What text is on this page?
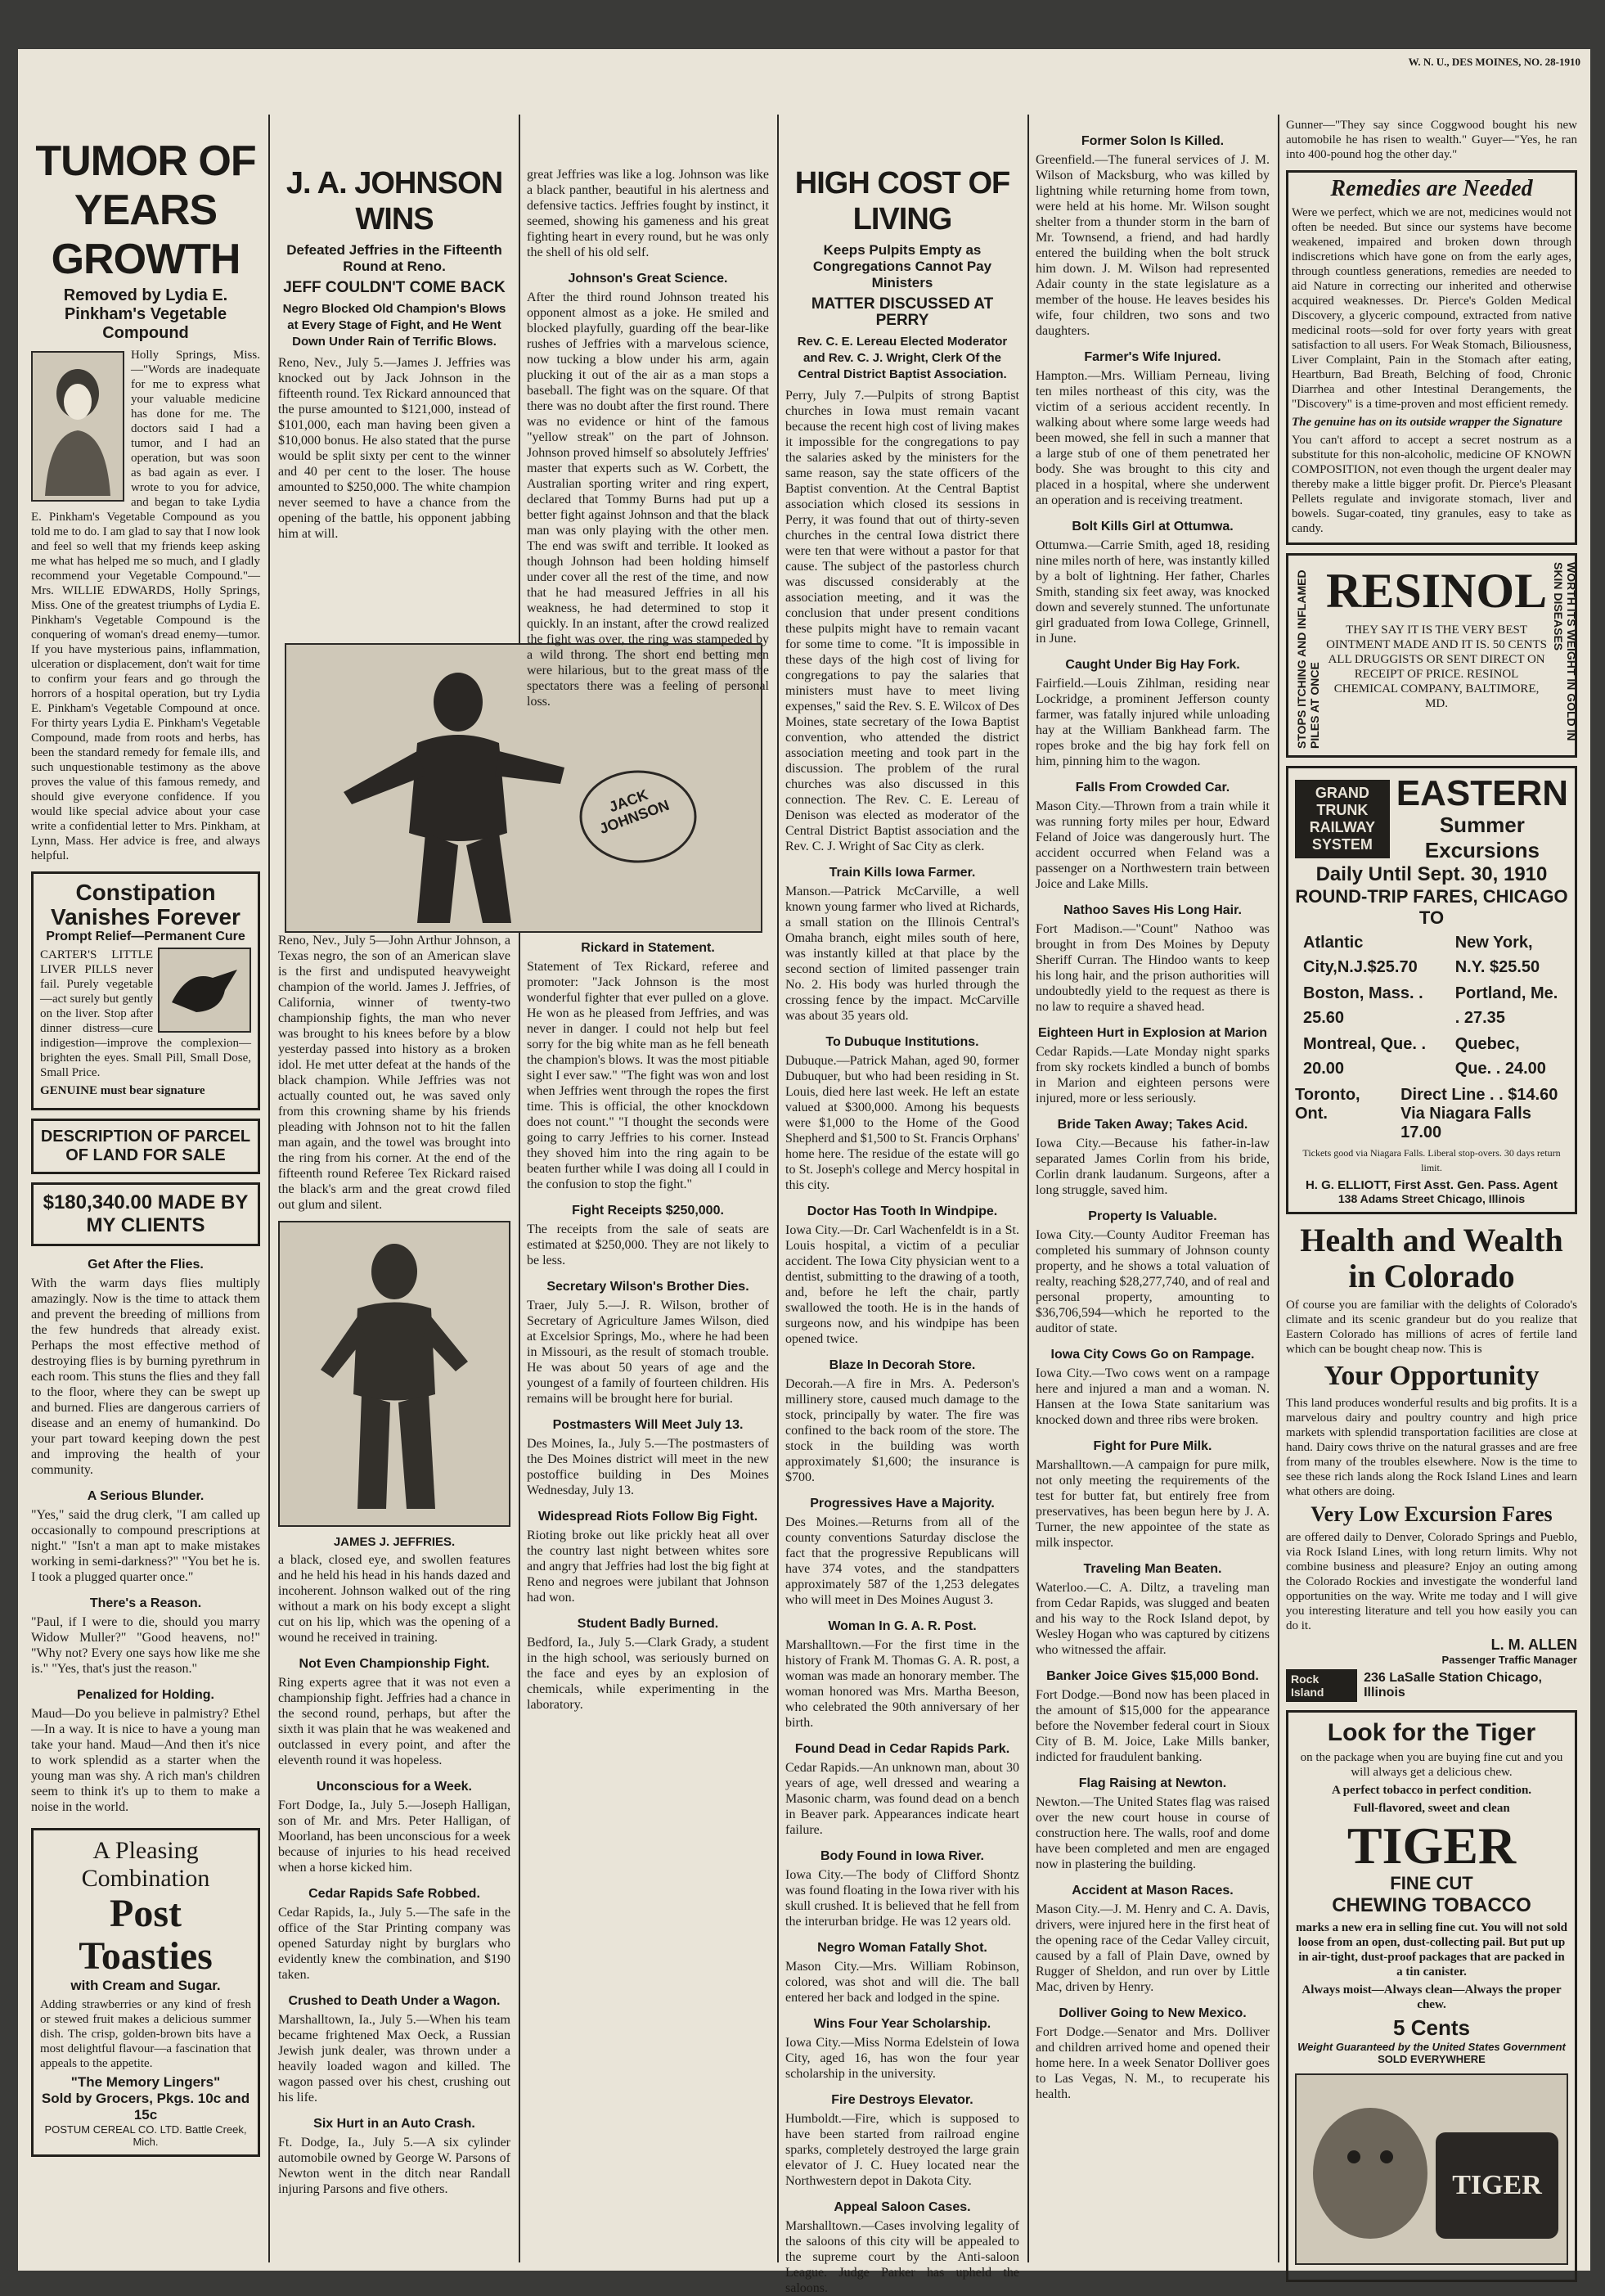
W. N. U., DES MOINES, NO. 28-1910
TUMOR OF
YEARS
GROWTH
Removed by Lydia E. Pinkham's Vegetable Compound
Holly Springs, Miss.—"Words are inadequate for me to express what your valuable medicine has done for me. The doctors said I had a tumor, and I had an operation, but was soon as bad again as ever. I wrote to you for advice, and began to take Lydia E. Pinkham's Vegetable Compound as you told me to do. I am glad to say that I now look and feel so well that my friends keep asking me what has helped me so much, and I gladly recommend your Vegetable Compound."—Mrs. WILLIE EDWARDS, Holly Springs, Miss. One of the greatest triumphs of Lydia E. Pinkham's Vegetable Compound is the conquering of woman's dread enemy—tumor. If you have mysterious pains, inflammation, ulceration or displacement, don't wait for time to confirm your fears and go through the horrors of a hospital operation, but try Lydia E. Pinkham's Vegetable Compound at once. For thirty years Lydia E. Pinkham's Vegetable Compound, made from roots and herbs, has been the standard remedy for female ills, and such unquestionable testimony as the above proves the value of this famous remedy, and should give everyone confidence. If you would like special advice about your case write a confidential letter to Mrs. Pinkham, at Lynn, Mass. Her advice is free, and always helpful.
Constipation Vanishes Forever
Prompt Relief—Permanent Cure
CARTER'S LITTLE LIVER PILLS never fail. Purely vegetable—act surely but gently on the liver. Stop after dinner distress—cure indigestion—improve the complexion—brighten the eyes. Small Pill, Small Dose, Small Price.
GENUINE must bear signature
DESCRIPTION OF PARCEL OF LAND FOR SALE
$180,340.00 MADE BY MY CLIENTS
Get After the Flies.
With the warm days flies multiply amazingly. Now is the time to attack them and prevent the breeding of millions from the few hundreds that already exist. Perhaps the most effective method of destroying flies is by burning pyrethrum in each room. This stuns the flies and they fall to the floor, where they can be swept up and burned. Flies are dangerous carriers of disease and an enemy of humankind. Do your part toward keeping down the pest and improving the health of your community.
A Serious Blunder.
"Yes," said the drug clerk, "I am called up occasionally to compound prescriptions at night." "Isn't a man apt to make mistakes working in semi-darkness?" "You bet he is. I took a plugged quarter once."
There's a Reason.
"Paul, if I were to die, should you marry Widow Muller?" "Good heavens, no!" "Why not? Every one says how like me she is." "Yes, that's just the reason."
Penalized for Holding.
Maud—Do you believe in palmistry? Ethel—In a way. It is nice to have a young man take your hand. Maud—And then it's nice to work splendid as a starter when the young man was shy. A rich man's children seem to think it's up to them to make a noise in the world.
A Pleasing
Combination
Post
Toasties
with Cream and Sugar.
Adding strawberries or any kind of fresh or stewed fruit makes a delicious summer dish. The crisp, golden-brown bits have a most delightful flavour—a fascination that appeals to the appetite.
"The Memory Lingers"
Sold by Grocers, Pkgs. 10c and 15c
POSTUM CEREAL CO. LTD. Battle Creek, Mich.
J. A. JOHNSON WINS
Defeated Jeffries in the Fifteenth Round at Reno.
JEFF COULDN'T COME BACK
Negro Blocked Old Champion's Blows at Every Stage of Fight, and He Went Down Under Rain of Terrific Blows.
Reno, Nev., July 5.—James J. Jeffries was knocked out by Jack Johnson in the fifteenth round. Tex Rickard announced that the purse amounted to $121,000, instead of $101,000, each man having been given a $10,000 bonus. He also stated that the purse would be split sixty per cent to the winner and 40 per cent to the loser. The house amounted to $250,000. The white champion never seemed to have a chance from the opening of the battle, his opponent jabbing him at will.
JACK JOHNSON
Reno, Nev., July 5—John Arthur Johnson, a Texas negro, the son of an American slave is the first and undisputed heavyweight champion of the world. James J. Jeffries, of California, winner of twenty-two championship fights, the man who never was brought to his knees before by a blow yesterday passed into history as a broken idol. He met utter defeat at the hands of the black champion. While Jeffries was not actually counted out, he was saved only from this crowning shame by his friends pleading with Johnson not to hit the fallen man again, and the towel was brought into the ring from his corner. At the end of the fifteenth round Referee Tex Rickard raised the black's arm and the great crowd filed out glum and silent.
JAMES J. JEFFRIES.
a black, closed eye, and swollen features and he held his head in his hands dazed and incoherent. Johnson walked out of the ring without a mark on his body except a slight cut on his lip, which was the opening of a wound he received in training.
Not Even Championship Fight.
Ring experts agree that it was not even a championship fight. Jeffries had a chance in the second round, perhaps, but after the sixth it was plain that he was weakened and outclassed in every point, and after the eleventh round it was hopeless.
Unconscious for a Week.
Fort Dodge, Ia., July 5.—Joseph Halligan, son of Mr. and Mrs. Peter Halligan, of Moorland, has been unconscious for a week because of injuries to his head received when a horse kicked him.
Cedar Rapids Safe Robbed.
Cedar Rapids, Ia., July 5.—The safe in the office of the Star Printing company was opened Saturday night by burglars who evidently knew the combination, and $190 taken.
Crushed to Death Under a Wagon.
Marshalltown, Ia., July 5.—When his team became frightened Max Oeck, a Russian Jewish junk dealer, was thrown under a heavily loaded wagon and killed. The wagon passed over his chest, crushing out his life.
Six Hurt in an Auto Crash.
Ft. Dodge, Ia., July 5.—A six cylinder automobile owned by George W. Parsons of Newton went in the ditch near Randall injuring Parsons and five others.
great Jeffries was like a log. Johnson was like a black panther, beautiful in his alertness and defensive tactics. Jeffries fought by instinct, it seemed, showing his gameness and his great fighting heart in every round, but he was only the shell of his old self.
Johnson's Great Science.
After the third round Johnson treated his opponent almost as a joke. He smiled and blocked playfully, guarding off the bear-like rushes of Jeffries with a marvelous science, now tucking a blow under his arm, again plucking it out of the air as a man stops a baseball. The fight was on the square. Of that there was no doubt after the first round. There was no evidence or hint of the famous "yellow streak" on the part of Johnson. Johnson proved himself so absolutely Jeffries' master that experts such as W. Corbett, the Australian sporting writer and ring expert, declared that Tommy Burns had put up a better fight against Johnson and that the black man was only playing with the other men. The end was swift and terrible. It looked as though Johnson had been holding himself under cover all the rest of the time, and now that he had measured Jeffries in all his weakness, he had determined to stop it quickly. In an instant, after the crowd realized the fight was over, the ring was stampeded by a wild throng. The short end betting men were hilarious, but to the great mass of the spectators there was a feeling of personal loss.
Rickard in Statement.
Statement of Tex Rickard, referee and promoter: "Jack Johnson is the most wonderful fighter that ever pulled on a glove. He won as he pleased from Jeffries, and was never in danger. I could not help but feel sorry for the big white man as he fell beneath the champion's blows. It was the most pitiable sight I ever saw." "The fight was won and lost when Jeffries went through the ropes the first time. This is official, the other knockdown does not count." "I thought the seconds were going to carry Jeffries to his corner. Instead they shoved him into the ring again to be beaten further while I was doing all I could in the confusion to stop the fight."
Fight Receipts $250,000.
The receipts from the sale of seats are estimated at $250,000. They are not likely to be less.
Secretary Wilson's Brother Dies.
Traer, July 5.—J. R. Wilson, brother of Secretary of Agriculture James Wilson, died at Excelsior Springs, Mo., where he had been in Missouri, as the result of stomach trouble. He was about 50 years of age and the youngest of a family of fourteen children. His remains will be brought here for burial.
Postmasters Will Meet July 13.
Des Moines, Ia., July 5.—The postmasters of the Des Moines district will meet in the new postoffice building in Des Moines Wednesday, July 13.
Widespread Riots Follow Big Fight.
Rioting broke out like prickly heat all over the country last night between whites sore and angry that Jeffries had lost the big fight at Reno and negroes were jubilant that Johnson had won.
Student Badly Burned.
Bedford, Ia., July 5.—Clark Grady, a student in the high school, was seriously burned on the face and eyes by an explosion of chemicals, while experimenting in the laboratory.
HIGH COST OF LIVING
Keeps Pulpits Empty as Congregations Cannot Pay Ministers
MATTER DISCUSSED AT PERRY
Rev. C. E. Lereau Elected Moderator and Rev. C. J. Wright, Clerk Of the Central District Baptist Association.
Perry, July 7.—Pulpits of strong Baptist churches in Iowa must remain vacant because the recent high cost of living makes it impossible for the congregations to pay the salaries asked by the ministers for the same reason, say the state officers of the Baptist convention. At the Central Baptist association which closed its sessions in Perry, it was found that out of thirty-seven churches in the central Iowa district there were ten that were without a pastor for that cause. The subject of the pastorless church was discussed considerably at the association meeting, and it was the conclusion that under present conditions these pulpits might have to remain vacant for some time to come. "It is impossible in these days of the high cost of living for congregations to pay the salaries that ministers must have to meet living expenses," said the Rev. S. E. Wilcox of Des Moines, state secretary of the Iowa Baptist convention, who attended the district association meeting and took part in the discussion. The problem of the rural churches was also discussed in this connection. The Rev. C. E. Lereau of Denison was elected as moderator of the Central District Baptist association and the Rev. C. J. Wright of Sac City as clerk.
Train Kills Iowa Farmer.
Manson.—Patrick McCarville, a well known young farmer who lived at Richards, a small station on the Illinois Central's Omaha branch, eight miles south of here, was instantly killed at that place by the second section of limited passenger train No. 2. His body was hurled through the crossing fence by the impact. McCarville was about 35 years old.
To Dubuque Institutions.
Dubuque.—Patrick Mahan, aged 90, former Dubuquer, but who had been residing in St. Louis, died here last week. He left an estate valued at $300,000. Among his bequests were $1,000 to the Home of the Good Shepherd and $1,500 to St. Francis Orphans' home here. The residue of the estate will go to St. Joseph's college and Mercy hospital in this city.
Doctor Has Tooth In Windpipe.
Iowa City.—Dr. Carl Wachenfeldt is in a St. Louis hospital, a victim of a peculiar accident. The Iowa City physician went to a dentist, submitting to the drawing of a tooth, and, before he left the chair, partly swallowed the tooth. He is in the hands of surgeons now, and his windpipe has been opened twice.
Blaze In Decorah Store.
Decorah.—A fire in Mrs. A. Pederson's millinery store, caused much damage to the stock, principally by water. The fire was confined to the back room of the store. The stock in the building was worth approximately $1,600; the insurance is $700.
Progressives Have a Majority.
Des Moines.—Returns from all of the county conventions Saturday disclose the fact that the progressive Republicans will have 374 votes, and the standpatters approximately 587 of the 1,253 delegates who will meet in Des Moines August 3.
Woman In G. A. R. Post.
Marshalltown.—For the first time in the history of Frank M. Thomas G. A. R. post, a woman was made an honorary member. The woman honored was Mrs. Martha Beeson, who celebrated the 90th anniversary of her birth.
Found Dead in Cedar Rapids Park.
Cedar Rapids.—An unknown man, about 30 years of age, well dressed and wearing a Masonic charm, was found dead on a bench in Beaver park. Appearances indicate heart failure.
Body Found in Iowa River.
Iowa City.—The body of Clifford Shontz was found floating in the Iowa river with his skull crushed. It is believed that he fell from the interurban bridge. He was 12 years old.
Negro Woman Fatally Shot.
Mason City.—Mrs. William Robinson, colored, was shot and will die. The ball entered her back and lodged in the spine.
Wins Four Year Scholarship.
Iowa City.—Miss Norma Edelstein of Iowa City, aged 16, has won the four year scholarship in the university.
Fire Destroys Elevator.
Humboldt.—Fire, which is supposed to have been started from railroad engine sparks, completely destroyed the large grain elevator of J. C. Huey located near the Northwestern depot in Dakota City.
Appeal Saloon Cases.
Marshalltown.—Cases involving legality of the saloons of this city will be appealed to the supreme court by the Anti-saloon League. Judge Parker has upheld the saloons.
Former Solon Is Killed.
Greenfield.—The funeral services of J. M. Wilson of Macksburg, who was killed by lightning while returning home from town, were held at his home. Mr. Wilson sought shelter from a thunder storm in the barn of Mr. Townsend, a friend, and had hardly entered the building when the bolt struck him down. J. M. Wilson had represented Adair county in the state legislature as a member of the house. He leaves besides his wife, four children, two sons and two daughters.
Farmer's Wife Injured.
Hampton.—Mrs. William Perneau, living ten miles northeast of this city, was the victim of a serious accident recently. In walking about where some large weeds had been mowed, she fell in such a manner that a large stub of one of them penetrated her body. She was brought to this city and placed in a hospital, where she underwent an operation and is receiving treatment.
Bolt Kills Girl at Ottumwa.
Ottumwa.—Carrie Smith, aged 18, residing nine miles north of here, was instantly killed by a bolt of lightning. Her father, Charles Smith, standing six feet away, was knocked down and severely stunned. The unfortunate girl graduated from Iowa College, Grinnell, in June.
Caught Under Big Hay Fork.
Fairfield.—Louis Zihlman, residing near Lockridge, a prominent Jefferson county farmer, was fatally injured while unloading hay at the William Bankhead farm. The ropes broke and the big hay fork fell on him, pinning him to the wagon.
Falls From Crowded Car.
Mason City.—Thrown from a train while it was running forty miles per hour, Edward Feland of Joice was dangerously hurt. The accident occurred when Feland was a passenger on a Northwestern train between Joice and Lake Mills.
Nathoo Saves His Long Hair.
Fort Madison.—"Count" Nathoo was brought in from Des Moines by Deputy Sheriff Curran. The Hindoo wants to keep his long hair, and the prison authorities will undoubtedly yield to the request as there is no law to require a shaved head.
Eighteen Hurt in Explosion at Marion
Cedar Rapids.—Late Monday night sparks from sky rockets kindled a bunch of bombs in Marion and eighteen persons were injured, more or less seriously.
Bride Taken Away; Takes Acid.
Iowa City.—Because his father-in-law separated James Corlin from his bride, Corlin drank laudanum. Surgeons, after a long struggle, saved him.
Property Is Valuable.
Iowa City.—County Auditor Freeman has completed his summary of Johnson county property, and he shows a total valuation of realty, reaching $28,277,740, and of real and personal property, amounting to $36,706,594—which he reported to the auditor of state.
Iowa City Cows Go on Rampage.
Iowa City.—Two cows went on a rampage here and injured a man and a woman. N. Hansen at the Iowa State sanitarium was knocked down and three ribs were broken.
Fight for Pure Milk.
Marshalltown.—A campaign for pure milk, not only meeting the requirements of the test for butter fat, but entirely free from preservatives, has been begun here by J. A. Turner, the new appointee of the state as milk inspector.
Traveling Man Beaten.
Waterloo.—C. A. Diltz, a traveling man from Cedar Rapids, was slugged and beaten and his way to the Rock Island depot, by Wesley Hogan who was captured by citizens who witnessed the affair.
Banker Joice Gives $15,000 Bond.
Fort Dodge.—Bond now has been placed in the amount of $15,000 for the appearance before the November federal court in Sioux City of B. M. Joice, Lake Mills banker, indicted for fraudulent banking.
Flag Raising at Newton.
Newton.—The United States flag was raised over the new court house in course of construction here. The walls, roof and dome have been completed and men are engaged now in plastering the building.
Accident at Mason Races.
Mason City.—J. M. Henry and C. A. Davis, drivers, were injured here in the first heat of the opening race of the Cedar Valley circuit, caused by a fall of Plain Dave, owned by Rugger of Sheldon, and run over by Little Mac, driven by Henry.
Dolliver Going to New Mexico.
Fort Dodge.—Senator and Mrs. Dolliver and children arrived home and opened their home here. In a week Senator Dolliver goes to Las Vegas, N. M., to recuperate his health.
Gunner—"They say since Coggwood bought his new automobile he has risen to wealth." Guyer—"Yes, he ran into 400-pound hog the other day."
Remedies are Needed
Were we perfect, which we are not, medicines would not often be needed. But since our systems have become weakened, impaired and broken down through indiscretions which have gone on from the early ages, through countless generations, remedies are needed to aid Nature in correcting our inherited and otherwise acquired weaknesses. Dr. Pierce's Golden Medical Discovery, a glyceric compound, extracted from native medicinal roots—sold for over forty years with great satisfaction to all users. For Weak Stomach, Biliousness, Liver Complaint, Pain in the Stomach after eating, Heartburn, Bad Breath, Belching of food, Chronic Diarrhea and other Intestinal Derangements, the "Discovery" is a time-proven and most efficient remedy.
The genuine has on its outside wrapper the Signature
You can't afford to accept a secret nostrum as a substitute for this non-alcoholic, medicine OF KNOWN COMPOSITION, not even though the urgent dealer may thereby make a little bigger profit. Dr. Pierce's Pleasant Pellets regulate and invigorate stomach, liver and bowels. Sugar-coated, tiny granules, easy to take as candy.
STOPS ITCHING AND INFLAMED PILES AT ONCE
RESINOL
THEY SAY IT IS THE VERY BEST OINTMENT MADE AND IT IS. 50 CENTS ALL DRUGGISTS OR SENT DIRECT ON RECEIPT OF PRICE. RESINOL CHEMICAL COMPANY, BALTIMORE, MD.	WORTH ITS WEIGHT IN GOLD IN SKIN DISEASES
GRAND TRUNK RAILWAY SYSTEM
EASTERN
Summer Excursions
Daily Until Sept. 30, 1910
ROUND-TRIP FARES, CHICAGO TO
Atlantic City,N.J.$25.70	New York, N.Y. $25.50
Boston, Mass. . 25.60	Portland, Me. . 27.35
Montreal, Que. . 20.00	Quebec, Que. . 24.00
Toronto, Ont.
Direct Line . . $14.60
Via Niagara Falls 17.00
Tickets good via Niagara Falls. Liberal stop-overs. 30 days return limit.
H. G. ELLIOTT, First Asst. Gen. Pass. Agent
138 Adams Street Chicago, Illinois
Health and Wealth
in Colorado
Of course you are familiar with the delights of Colorado's climate and its scenic grandeur but do you realize that Eastern Colorado has millions of acres of fertile land which can be bought cheap now. This is
Your Opportunity
This land produces wonderful results and big profits. It is a marvelous dairy and poultry country and high price markets with splendid transportation facilities are close at hand. Dairy cows thrive on the natural grasses and are free from many of the troubles elsewhere. Now is the time to see these rich lands along the Rock Island Lines and learn what others are doing.
Very Low Excursion Fares
are offered daily to Denver, Colorado Springs and Pueblo, via Rock Island Lines, with long return limits. Why not combine business and pleasure? Enjoy an outing among the Colorado Rockies and investigate the wonderful land opportunities on the way. Write me today and I will give you interesting literature and tell you how easily you can do it.
L. M. ALLEN
Passenger Traffic Manager
Rock Island
236 LaSalle Station Chicago, Illinois
Look for the Tiger
on the package when you are buying fine cut and you will always get a delicious chew.
A perfect tobacco in perfect condition.
Full-flavored, sweet and clean
TIGER
FINE CUT
CHEWING TOBACCO
marks a new era in selling fine cut. You will not sold loose from an open, dust-collecting pail. But put up in air-tight, dust-proof packages that are packed in a tin canister.
Always moist—Always clean—Always the proper chew.
5 Cents
Weight Guaranteed by the United States Government
SOLD EVERYWHERE
TIGER
